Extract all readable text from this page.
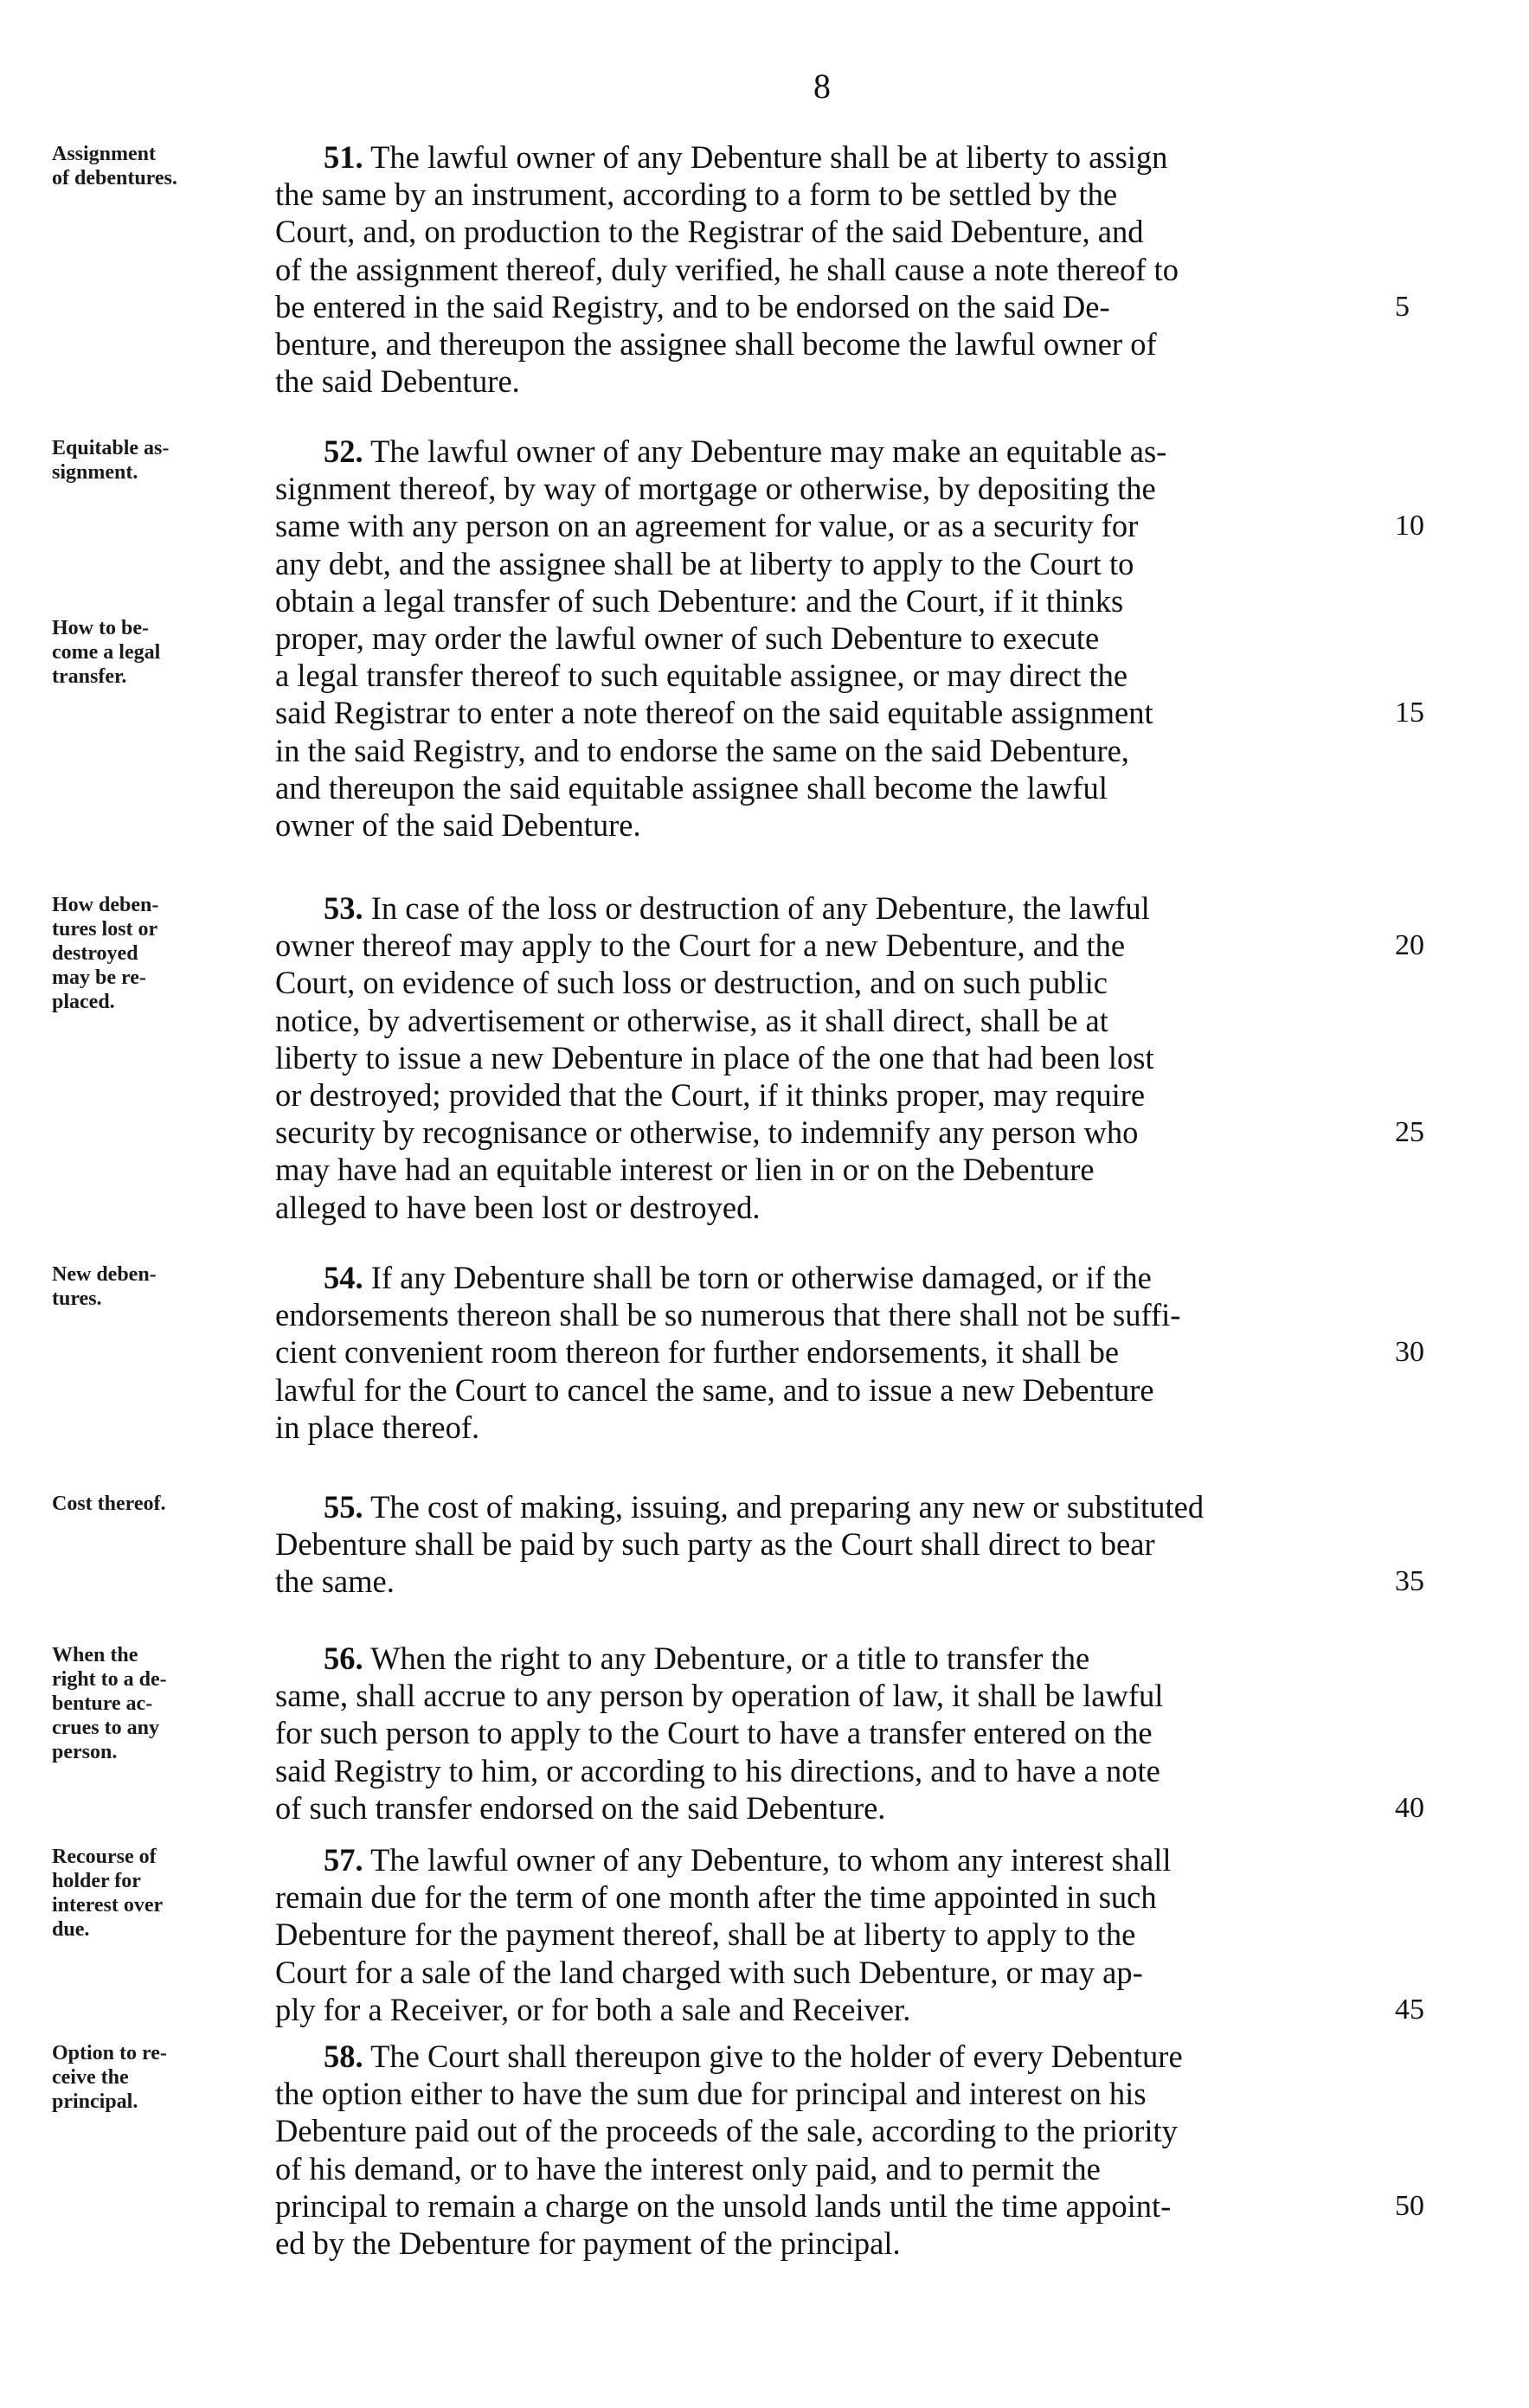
8
Assignment
of debentures.
51. The lawful owner of any Debenture shall be at liberty to assign
the same by an instrument, according to a form to be settled by the
Court, and, on production to the Registrar of the said Debenture, and
of the assignment thereof, duly verified, he shall cause a note thereof to
be entered in the said Registry, and to be endorsed on the said De-
benture, and thereupon the assignee shall become the lawful owner of
the said Debenture.
5
Equitable as-
signment.
How to be-
come a legal
transfer.
52. The lawful owner of any Debenture may make an equitable as-
signment thereof, by way of mortgage or otherwise, by depositing the
same with any person on an agreement for value, or as a security for
any debt, and the assignee shall be at liberty to apply to the Court to
obtain a legal transfer of such Debenture: and the Court, if it thinks
proper, may order the lawful owner of such Debenture to execute
a legal transfer thereof to such equitable assignee, or may direct the
said Registrar to enter a note thereof on the said equitable assignment
in the said Registry, and to endorse the same on the said Debenture,
and thereupon the said equitable assignee shall become the lawful
owner of the said Debenture.
10
15
How deben-
tures lost or
destroyed
may be re-
placed.
53. In case of the loss or destruction of any Debenture, the lawful
owner thereof may apply to the Court for a new Debenture, and the
Court, on evidence of such loss or destruction, and on such public
notice, by advertisement or otherwise, as it shall direct, shall be at
liberty to issue a new Debenture in place of the one that had been lost
or destroyed; provided that the Court, if it thinks proper, may require
security by recognisance or otherwise, to indemnify any person who
may have had an equitable interest or lien in or on the Debenture
alleged to have been lost or destroyed.
20
25
New deben-
tures.
54. If any Debenture shall be torn or otherwise damaged, or if the
endorsements thereon shall be so numerous that there shall not be suffi-
cient convenient room thereon for further endorsements, it shall be
lawful for the Court to cancel the same, and to issue a new Debenture
in place thereof.
30
Cost thereof.	55. The cost of making, issuing, and preparing any new or substituted
Debenture shall be paid by such party as the Court shall direct to bear
the same.	35
When the
right to a de-
benture ac-
crues to any
person.
56. When the right to any Debenture, or a title to transfer the
same, shall accrue to any person by operation of law, it shall be lawful
for such person to apply to the Court to have a transfer entered on the
said Registry to him, or according to his directions, and to have a note
of such transfer endorsed on the said Debenture.	40
Recourse of
holder for
interest over
due.
57. The lawful owner of any Debenture, to whom any interest shall
remain due for the term of one month after the time appointed in such
Debenture for the payment thereof, shall be at liberty to apply to the
Court for a sale of the land charged with such Debenture, or may ap-
ply for a Receiver, or for both a sale and Receiver.	45
Option to re-
ceive the
principal.
58. The Court shall thereupon give to the holder of every Debenture
the option either to have the sum due for principal and interest on his
Debenture paid out of the proceeds of the sale, according to the priority
of his demand, or to have the interest only paid, and to permit the
principal to remain a charge on the unsold lands until the time appoint-
ed by the Debenture for payment of the principal.
50
